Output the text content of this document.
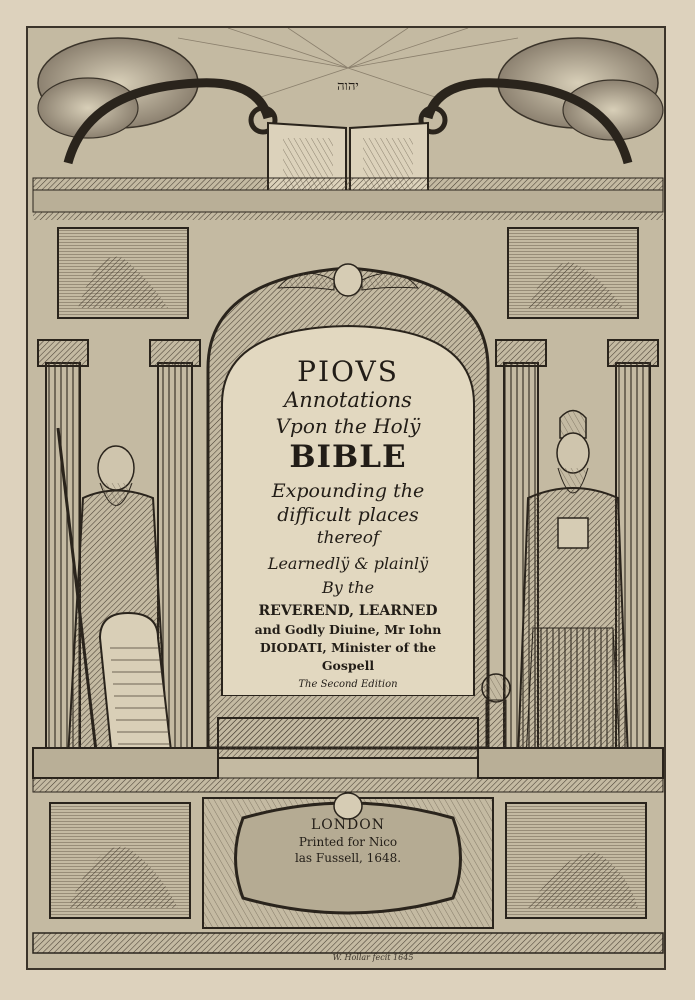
יהוה
PIOVS
Annotations
Vpon the Holÿ
BIBLE
Expounding the
difficult places
thereof
Learnedlÿ & plainlÿ
By the
REVEREND, LEARNED
and Godly Diuine, Mr Iohn
DIODATI, Minister of the
Gospell
The Second Edition
LONDON
Printed for Nico
las Fussell, 1648.
W. Hollar fecit 1645
